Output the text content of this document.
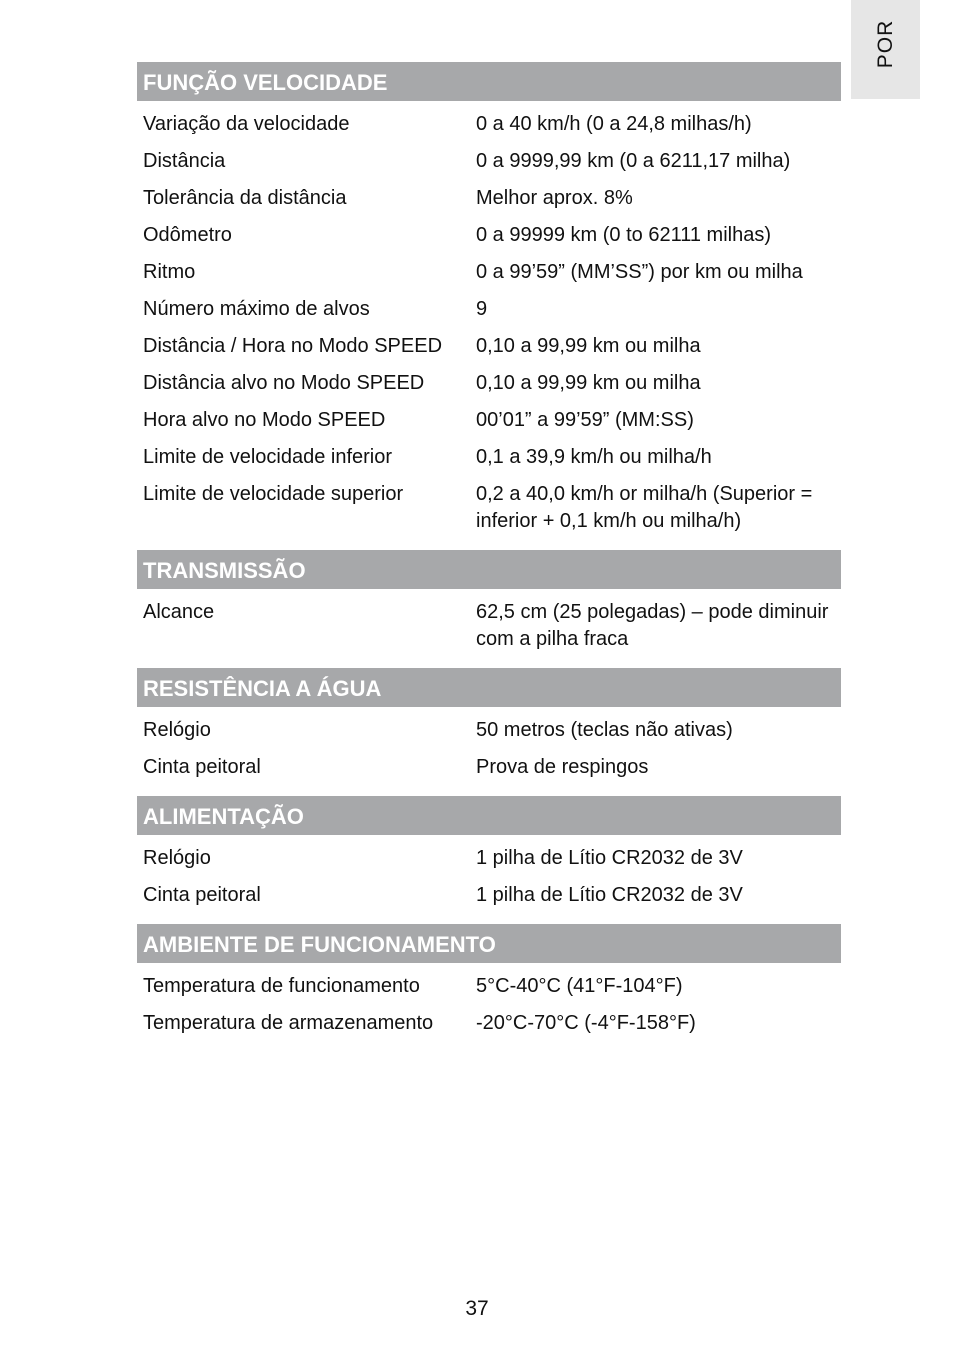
POR
FUNÇÃO VELOCIDADE
Variação da velocidade	0 a 40 km/h (0 a 24,8 milhas/h)
Distância	0 a 9999,99 km (0 a 6211,17 milha)
Tolerância da distância	Melhor aprox. 8%
Odômetro	0 a 99999 km (0 to 62111 milhas)
Ritmo	0 a 99’59” (MM’SS”) por km ou milha
Número máximo de alvos	9
Distância / Hora no Modo SPEED	0,10 a 99,99 km ou milha
Distância alvo no Modo SPEED	0,10 a 99,99 km ou milha
Hora alvo no Modo SPEED	00’01” a 99’59” (MM:SS)
Limite de velocidade inferior	0,1 a 39,9 km/h ou milha/h
Limite de velocidade superior	0,2 a 40,0 km/h or milha/h (Superior = inferior + 0,1 km/h ou milha/h)
TRANSMISSÃO
Alcance	62,5 cm (25 polegadas) – pode diminuir com a pilha fraca
RESISTÊNCIA A ÁGUA
Relógio	50 metros (teclas não ativas)
Cinta peitoral	Prova de respingos
ALIMENTAÇÃO
Relógio	1 pilha de Lítio CR2032 de 3V
Cinta peitoral	1 pilha de Lítio CR2032 de 3V
AMBIENTE DE FUNCIONAMENTO
Temperatura de funcionamento	5°C-40°C (41°F-104°F)
Temperatura de armazenamento	-20°C-70°C (-4°F-158°F)
37
